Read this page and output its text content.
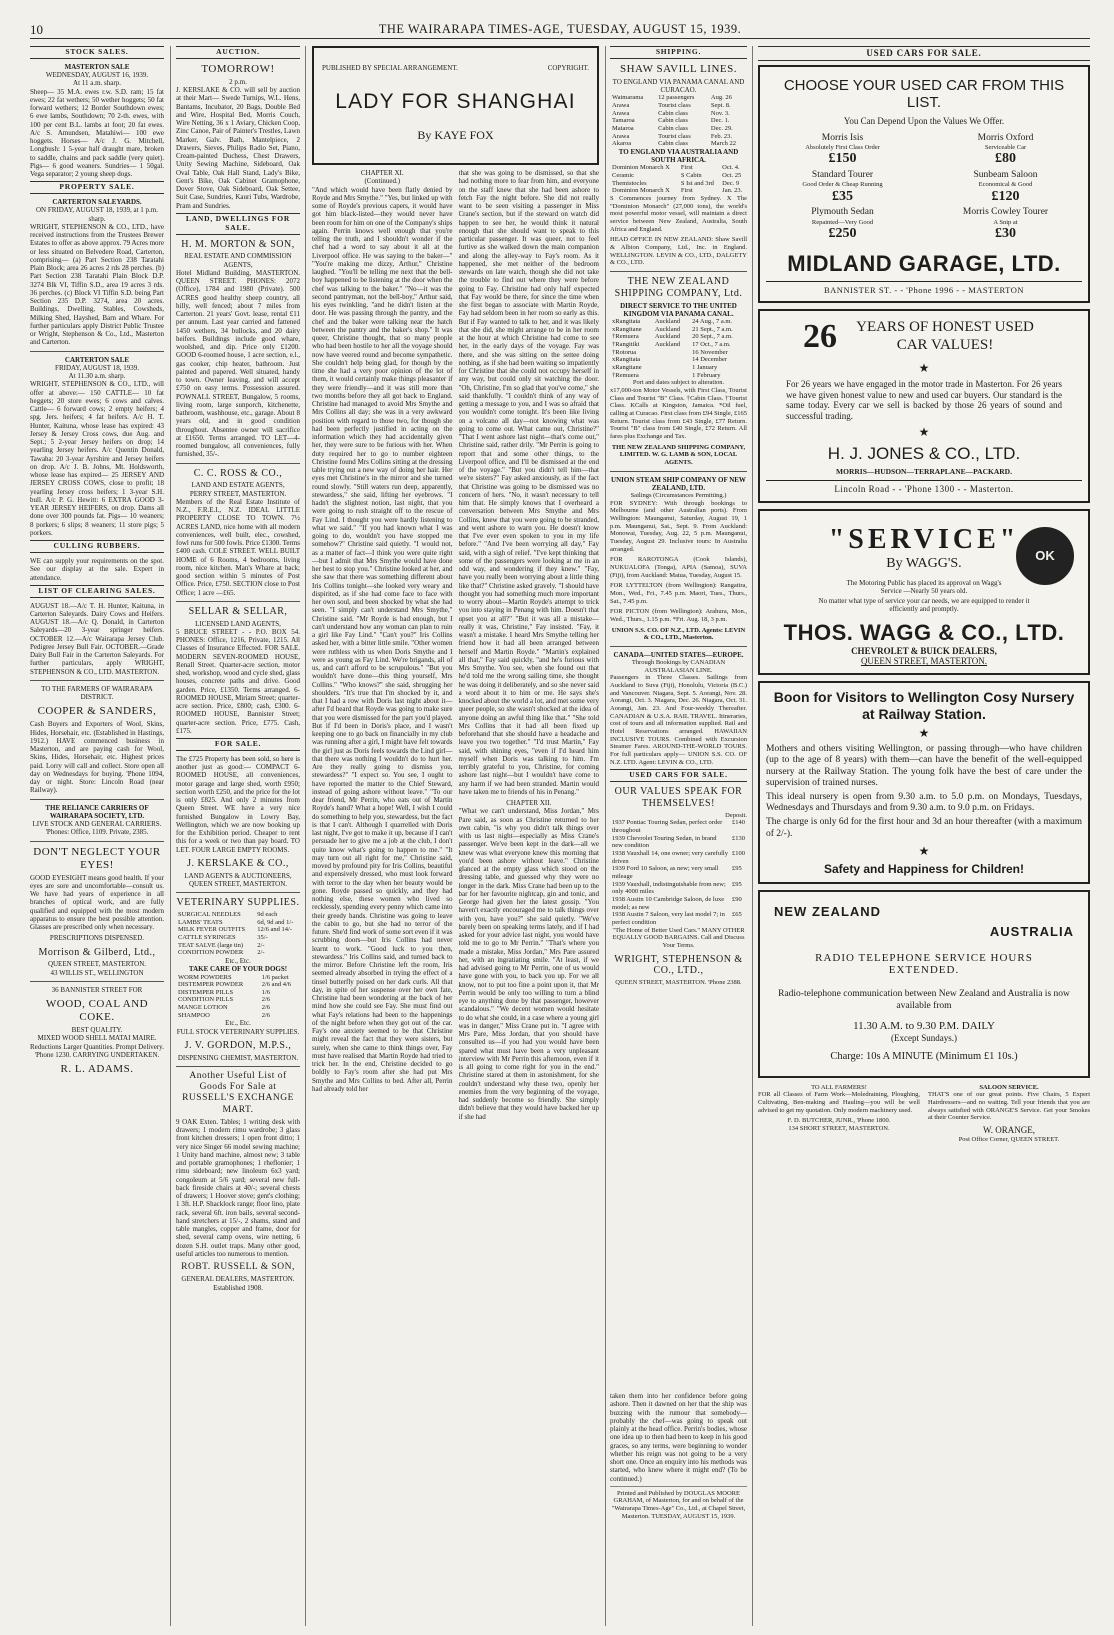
10	THE WAIRARAPA TIMES-AGE, TUESDAY, AUGUST 15, 1939.
STOCK SALES.
MASTERTON SALE
WEDNESDAY, AUGUST 16, 1939.
At 11 a.m. sharp.

Sheep— 35 M.A. ewes r.w. S.D. ram; 15 fat ewes; 22 fat wethers; 50 wether hoggets; 50 fat forward wethers; 12 Border Southdown ewes; 6 ewe lambs, Southdown; 70 2-th. ewes, with 100 per cent B.L. lambs at foot; 20 fat ewes. A/c S. Amundsen, Matahiwi— 100 ewe hoggets. Horses— A/c J. G. Mitchell, Longbush: 1 5-year half draught mare, broken to saddle, chains and pack saddle (very quiet). Pigs— 6 good weaners. Sundries— 1 50gal. Vega separator; 2 young sheep dogs.

PROPERTY SALE.
CARTERTON SALEYARDS.
ON FRIDAY, AUGUST 18, 1939, at 1 p.m. sharp.

WRIGHT, STEPHENSON & CO., LTD., have received instructions from the Trustees Brewer Estates to offer as above approx. 79 Acres more or less situated on Belvedere Road, Carterton, comprising— (a) Part Section 238 Taratahi Plain Block; area 26 acres 2 rds 28 perches. (b) Part Section 238 Taratahi Plain Block D.P. 3274 Blk VI, Tiffin S.D., area 19 acres 3 rds. 36 perches. (c) Block VI Tiffin S.D. being Part Section 235 D.P. 3274, area 20 acres. Buildings, Dwelling, Stables, Cowsheds, Milking Shed, Hayshed, Barn and Whare. For further particulars apply District Public Trustee or Wright, Stephenson & Co., Ltd., Masterton and Carterton.

CARTERTON SALE
FRIDAY, AUGUST 18, 1939.
At 11.30 a.m. sharp.

WRIGHT, STEPHENSON & CO., LTD., will offer at above:— 150 CATTLE— 10 fat heggets; 20 store ewes; 6 cows and calves. Cattle— 6 forward cows; 2 empty heifers; 4 spg. Jers. heifers; 4 fat heifers. A/c H. T. Hunter, Kaituna, whose lease has expired: 43 Jersey & Jersey Cross cows, due Aug. and Sept.; 5 2-year Jersey heifers on drop; 14 yearling Jersey heifers. A/c Quentin Donald, Tawaha: 20 3-year Ayrshire and Jersey heifers on drop. A/c J. B. Johns, Mt. Holdsworth, whose lease has expired— 25 JERSEY AND JERSEY CROSS COWS, close to profit; 18 yearling Jersey cross heifers; 1 3-year S.H. bull. A/c P. G. Hewitt: 6 EXTRA GOOD 3-YEAR JERSEY HEIFERS, on drop. Dams all done over 300 pounds fat. Pigs— 10 weaners; 8 porkers; 6 slips; 8 weaners; 11 store pigs; 5 porkers.

CULLING RUBBERS.

WE can supply your requirements on the spot. See our display at the sale. Expert in attendance.

LIST OF CLEARING SALES.

AUGUST 18.—A/c T. H. Hunter, Kaituna, in Carterton Saleyards. Dairy Cows and Heifers. AUGUST 18.—A/c Q. Donald, in Carterton Saleyards—20 3-year springer heifers. OCTOBER 12.—A/c Wairarapa Jersey Club. Pedigree Jersey Bull Fair. OCTOBER.—Grade Dairy Bull Fair in the Carterton Saleyards. For further particulars, apply WRIGHT, STEPHENSON & CO., LTD. MASTERTON.

TO THE FARMERS OF WAIRARAPA DISTRICT.
COOPER & SANDERS,

Cash Buyers and Exporters of Wool, Skins, Hides, Horsehair, etc. (Established in Hastings, 1912.) HAVE commenced business in Masterton, and are paying cash for Wool, Skins, Hides, Horsehair, etc. Highest prices paid. Lorry will call and collect. Store open all day on Wednesdays for buying. 'Phone 1094, day or night. Store: Lincoln Road (near Railway).

THE RELIANCE CARRIERS OF WAIRARAPA SOCIETY, LTD.
LIVE STOCK AND GENERAL CARRIERS. 'Phones: Office, 1109. Private, 2385.
DON'T NEGLECT YOUR EYES!

GOOD EYESIGHT means good health. If your eyes are sore and uncomfortable—consult us. We have had years of experience in all branches of optical work, and are fully qualified and equipped with the most modern apparatus to ensure the best possible attention. Glasses are prescribed only when necessary.

PRESCRIPTIONS DISPENSED.
Morrison & Gilberd, Ltd.,
QUEEN STREET, MASTERTON.
43 WILLIS ST., WELLINGTON
36 BANNISTER STREET FOR
WOOD, COAL AND COKE.
BEST QUALITY.
MIXED WOOD SHELL MATAI MAIRE. Reductions Larger Quantities. Prompt Delivery. 'Phone 1230. CARRYING UNDERTAKEN.
R. L. ADAMS.
AUCTION.
TOMORROW!
2 p.m.

J. KERSLAKE & CO. will sell by auction at their Mart— Swede Turnips, W.L. Hens, Bantams, Incubator, 20 Bags, Double Bed and Wire, Hospital Bed, Morris Couch, Wire Netting, 36 x 1 Aviary, Chicken Coop, Zinc Canoe, Pair of Painter's Trestles, Lawn Marker, Galv. Bath, Mantelpiece, 2 Drawers, Sieves, Philips Radio Set, Piano, Cream-painted Duchess, Chest Drawers, Unity Sewing Machine, Sideboard, Oak Oval Table, Oak Hall Stand, Lady's Bike, Gent's Bike, Oak Cabinet Gramophone, Dover Stove, Oak Sideboard, Oak Settee, Suit Case, Sundries, Kauri Tubs, Wardrobe, Pram and Sundries.

LAND, DWELLINGS FOR SALE.
H. M. MORTON & SON,
REAL ESTATE AND COMMISSION AGENTS,

Hotel Midland Building, MASTERTON. QUEEN STREET. PHONES: 2072 (Office), 1784 and 1980 (Private). 500 ACRES good healthy sheep country, all hilly, well fenced; about 7 miles from Carterton. 21 years' Govt. lease, rental £11 per annum. Last year carried and fattened 1450 wethers, 34 bullocks, and 20 dairy heifers. Buildings include good whare, woolshed, and dip. Price only £1200. GOOD 6-roomed house, 1 acre section, e.l., gas cooker, chip heater, bathroom. Just painted and papered. Well situated, handy to town. Owner leaving, and will accept £750 on easy terms. Possession assured. POWNALL STREET, Bungalow, 5 rooms, living room, large sunporch, kitchenette, bathroom, washhouse, etc., garage. About 8 years old, and in good condition throughout. Absentee owner will sacrifice at £1650. Terms arranged. TO LET—4-roomed bungalow, all conveniences, fully furnished, 35/-.

C. C. ROSS & CO.,
LAND AND ESTATE AGENTS,
PERRY STREET, MASTERTON.

Members of the Real Estate Institute of N.Z., F.R.E.I., N.Z. IDEAL LITTLE PROPERTY CLOSE TO TOWN. 7½ ACRES LAND, nice home with all modern conveniences, well built, elec., cowshed, fowl runs for 500 fowls. Price £1300. Terms £400 cash. COLE STREET. WELL BUILT HOME of 6 Rooms, 4 bedrooms, living room, nice kitchen. Man's Whare at back; good section within 5 minutes of Post Office. Price, £750. SECTION close to Post Office; 1 acre —£65.

SELLAR & SELLAR,
LICENSED LAND AGENTS,

5 BRUCE STREET - - P.O. BOX 54. PHONES: Office, 1216, Private, 1215. All Classes of Insurance Effected. FOR SALE. MODERN SEVEN-ROOMED HOUSE, Renall Street. Quarter-acre section, motor shed, workshop, wood and cycle shed, glass houses, concrete paths and drive. Good garden. Price, £1350. Terms arranged. 6-ROOMED HOUSE, Miriam Street; quarter-acre section. Price, £800; cash, £300. 6-ROOMED HOUSE, Bannister Street; quarter-acre section. Price, £775. Cash, £175.

FOR SALE.

The £725 Property has been sold, so here is another just as good:— COMPACT 6-ROOMED HOUSE, all conveniences, motor garage and large shed, worth £950; section worth £250, and the price for the lot is only £825. And only 2 minutes from Queen Street. WE have a very nice furnished Bungalow in Lowry Bay, Wellington, which we are now booking up for the Exhibition period. Cheaper to rent this for a week or two than pay board. TO LET. FOUR LARGE EMPTY ROOMS.

J. KERSLAKE & CO.,
LAND AGENTS & AUCTIONEERS, QUEEN STREET, MASTERTON.
VETERINARY SUPPLIES.
SURGICAL NEEDLES	9d each
LAMBS' TEATS	6d, 9d and 1/-
MILK FEVER OUTFITS	12/6 and 14/-
CATTLE SYRINGES	35/-
TEAT SALVE (large tin)	2/-
CONDITION POWDER	2/-
Etc., Etc.
TAKE CARE OF YOUR DOGS!
WORM POWDERS	1/6 packet
DISTEMPER POWDER	2/6 and 4/6
DISTEMPER PILLS	1/6
CONDITION PILLS	2/6
MANGE LOTION	2/6
SHAMPOO	2/6
Etc., Etc.
FULL STOCK VETERINARY SUPPLIES.
J. V. GORDON, M.P.S.,
DISPENSING CHEMIST, MASTERTON.
Another Useful List of Goods For Sale at RUSSELL'S EXCHANGE MART.

9 OAK Exten. Tables; 1 writing desk with drawers; 1 modern rimu wardrobe; 3 glass front kitchen dressers; 1 open front ditto; 1 very nice Singer 66 model sewing machine; 1 Unity hand machine, almost new; 3 table and portable gramophones; 1 rheflonier; 1 rimu sideboard; new linoleum 6x3 yard; congoleum at 5/6 yard; several new full-back fireside chairs at 40/-; several chests of drawers; 1 Hoover stove; gent's clothing; 1 3ft. H.P. Shacklock range; floor lino, plate rack, several 6ft. iron bails, several second-hand stretchers at 15/-, 2 shams, stand and table mangles, copper and frame, door for shed, several camp ovens, wire netting, 6 dozen S.H. outlet traps. Many other good, useful articles too numerous to mention.

ROBT. RUSSELL & SON,
GENERAL DEALERS, MASTERTON. Established 1908.
PUBLISHED BY SPECIAL ARRANGEMENT.	COPYRIGHT.
LADY FOR SHANGHAI
By KAYE FOX
CHAPTER XI.
(Continued.)

"And which would have been flatly denied by Royde and Mrs Smythe." "Yes, but linked up with some of Royde's previous capers, it would have got him black-listed—they would never have been room for him on one of the Company's ships again. Perrin knows well enough that you're telling the truth, and I shouldn't wonder if the chef had a word to say about it all at the Liverpool office. He was saying to the baker—" "You're making me dizzy, Arthur," Christine laughed. "You'll be telling me next that the bell-boy happened to be listening at the door when the chef was talking to the baker." "No—it was the second pantryman, not the bell-boy," Arthur said, his eyes twinkling, "and he didn't listen at the door. He was passing through the pantry, and the chef and the baker were talking near the hatch between the pantry and the baker's shop." It was queer, Christine thought, that so many people who had been hostile to her all the voyage should now have veered round and become sympathetic. She couldn't help being glad, for though by the time she had a very poor opinion of the lot of them, it would certainly make things pleasanter if they were friendly—and it was still more than two months before they all got back to England. Christine had managed to avoid Mrs Smythe and Mrs Collins all day; she was in a very awkward position with regard to those two, for though she had been perfectly justified in acting on the information which they had accidentally given her, they were sure to be furious with her. When duty required her to go to number eighteen Christine found Mrs Collins sitting at the dressing table trying out a new way of doing her hair. Her eyes met Christine's in the mirror and she turned round slowly. "Still waters run deep, apparently, stewardess," she said, lifting her eyebrows. "I hadn't the slightest notion, last night, that you were going to rush straight off to the rescue of Fay Lind. I thought you were hardly listening to what we said." "If you had known what I was going to do, wouldn't you have stopped me somehow?" Christine said quietly. "I would not, as a matter of fact—I think you were quite right—but I admit that Mrs Smythe would have done her best to stop you." Christine looked at her, and she saw that there was something different about Iris Collins tonight—she looked very weary and dispirited, as if she had come face to face with her own soul, and been shocked by what she had seen. "I simply can't understand Mrs Smythe," Christine said. "Mr Royde is bad enough, but I can't understand how any woman can plan to ruin a girl like Fay Lind." "Can't you?" Iris Collins asked her, with a bitter little smile. "Other women were ruthless with us when Doris Smythe and I were as young as Fay Lind. We're brigands, all of us, and can't afford to be scrupulous." "But you wouldn't have done—this thing yourself, Mrs Collins." "Who knows?" she said, shrugging her shoulders. "It's true that I'm shocked by it, and that I had a row with Doris last night about it—after I'd heard that Royde was going to make sure that you were dismissed for the part you'd played. But if I'd been in Doris's place, and I wasn't keeping one to go back on financially in my club was running after a girl, I might have felt towards the girl just as Doris feels towards the Lind girl—that there was nothing I wouldn't do to hurt her. Are they really going to dismiss you, stewardess?" "I expect so. You see, I ought to have reported the matter to the Chief Steward, instead of going ashore without leave." "To our dear friend, Mr Perrin, who eats out of Martin Royde's hand? What a hope! Well, I wish I could do something to help you, stewardess, but the fact is that I can't. Although I quarrelled with Doris last night, I've got to make it up, because if I can't persuade her to give me a job at the club, I don't quite know what's going to happen to me." "It may turn out all right for me," Christine said, moved by profound pity for Iris Collins, beautiful and expensively dressed, who must look forward with terror to the day when her beauty would be gone. Royde passed so quickly, and they had nothing else, these women who lived so recklessly, spending every penny which came into their greedy hands. Christine was going to leave the cabin to go, but she had no terror of the future. She'd find work of some sort even if it was scrubbing doors—but Iris Collins had never learnt to work. "Good luck to you then, stewardess." Iris Collins said, and turned back to the mirror. Before Christine left the room, Iris seemed already absorbed in trying the effect of a tinsel butterfly poised on her dark curls. All that day, in spite of her suspense over her own fate, Christine had been wondering at the back of her mind how she could see Fay. She must find out what Fay's relations had been to the happenings of the night before when they got out of the car. Fay's one anxiety seemed to be that Christine might reveal the fact that they were sisters, but surely, when she came to think things over, Fay must have realised that Martin Royde had tried to trick her. In the end, Christine decided to go boldly to Fay's room after she had put Mrs Smythe and Mrs Collins to bed. After all, Perrin had already told her

that she was going to be dismissed, so that she had nothing more to fear from him, and everyone on the staff knew that she had been ashore to fetch Fay the night before. She did not really want to be seen visiting a passenger in Miss Crane's section, but if the steward on watch did happen to see her, he would think it natural enough that she should want to speak to this particular passenger. It was queer, not to feel furtive as she walked down the main companion and along the alley-way to Fay's room. As it happened, she met neither of the bedroom stewards on late watch, though she did not take the trouble to find out where they were before going to Fay. Christine had only half expected that Fay would be there, for since the time when she first began to associate with Martin Royde, Fay had seldom been in her room so early as this. But if Fay wanted to talk to her, and it was likely that she did, she might arrange to be in her room at the hour at which Christine had come to see her, in the early days of the voyage. Fay was there, and she was sitting on the settee doing nothing, as if she had been waiting so impatiently for Christine that she could not occupy herself in any way, but could only sit watching the door. "Oh, Christine, I'm so glad that you've come," she said thankfully. "I couldn't think of any way of getting a message to you, and I was so afraid that you wouldn't come tonight. It's been like living on a volcano all day—not knowing what was going to come out. What came out, Christine?" "That I went ashore last night—that's come out," Christine said, rather drily. "Mr Perrin is going to report that and some other things, to the Liverpool office, and I'll be dismissed at the end of the voyage." "But you didn't tell him—that we're sisters?" Fay asked anxiously, as if the fact that Christine was going to be dismissed was no concern of hers. "No, it wasn't necessary to tell him that. He simply knows that I overheard a conversation between Mrs Smythe and Mrs Collins, knew that you were going to be stranded, and went ashore to warn you. He doesn't know that I've ever even spoken to you in my life before." "And I've been worrying all day," Fay said, with a sigh of relief. "I've kept thinking that some of the passengers were looking at me in an odd way, and wondering if they knew." "Fay, have you really been worrying about a little thing like that?" Christine asked gravely. "I should have thought you had something much more important to worry about—Martin Royde's attempt to trick you into staying in Penang with him. Doesn't that upset you at all?" "But it was all a mistake—really it was, Christine," Fay insisted. "Fay, it wasn't a mistake. I heard Mrs Smythe telling her friend how it had all been arranged between herself and Martin Royde." "Martin's explained all that," Fay said quickly, "and he's furious with Mrs Smythe. You see, when she found out that he'd told me the wrong sailing time, she thought he was doing it deliberately, and so she never said a word about it to him or me. He says she's knocked about the world a lot, and met some very queer people, so she wasn't shocked at the idea of anyone doing an awful thing like that." "She told Mrs Collins that it had all been fixed up beforehand that she should have a headache and leave you two together." "I'd trust Martin," Fay said, with shining eyes, "even if I'd heard him myself when Doris was talking to him. I'm terribly grateful to you, Christine, for coming ashore last night—but I wouldn't have come to any harm if we had been stranded. Martin would have taken me to friends of his in Penang."

CHAPTER XII.

"What we can't understand, Miss Jordan," Mrs Pare said, as soon as Christine returned to her own cabin, "is why you didn't talk things over with us last night—especially as Miss Crane's passenger. We've been kept in the dark—all we knew was what everyone knew this morning that you'd been ashore without leave." Christine glanced at the empty glass which stood on the dressing table, and guessed why they were no longer in the dark. Miss Crane had been up to the bar for her favourite nightcap, gin and tonic, and George had given her the latest gossip. "You haven't exactly encouraged me to talk things over with you, have you?" she said quietly. "We've barely been on speaking terms lately, and if I had asked for your advice last night, you would have told me to go to Mr Perrin." "That's where you made a mistake, Miss Jordan," Mrs Pare assured her, with an ingratiating smile. "At least, if we had advised going to Mr Perrin, one of us would have gone with you, to back you up. For we all know, not to put too fine a point upon it, that Mr Perrin would be only too willing to turn a blind eye to anything done by that passenger, however scandalous." "We decent women would hesitate to do what she could, in a case where a young girl was in danger," Miss Crane put in. "I agree with Mrs Pare, Miss Jordan, that you should have consulted us—if you had you would have been spared what must have been a very unpleasant interview with Mr Perrin this afternoon, even if it is all going to come right for you in the end." Christine stared at them in astonishment, for she couldn't understand why these two, openly her enemies from the very beginning of the voyage, had suddenly become so friendly. She simply didn't believe that they would have backed her up if she had

SHIPPING.
SHAW SAVILL LINES.
TO ENGLAND VIA PANAMA CANAL AND CURACAO.
Waimarama	12 passengers	Aug. 26
Arawa	Tourist class	Sept. 8.
Arawa	Cabin class	Nov. 3.
Tamaroa	Cabin class	Dec. 1.
Mataroa	Cabin class	Dec. 29.
Arawa	Tourist class	Feb. 23.
Akaroa	Cabin class	March 22
TO ENGLAND VIA AUSTRALIA AND SOUTH AFRICA.
Dominion Monarch X	First	Oct. 4.
Ceramic	S Cabin	Oct. 25
Themistocles	S Ist and 3rd	Dec. 9
Dominion Monarch X	First	Jan. 23.

S Commences journey from Sydney. X The "Dominion Monarch" (27,000 tons), the world's most powerful motor vessel, will maintain a direct service between New Zealand, Australia, South Africa and England.

HEAD OFFICE IN NEW ZEALAND: Shaw Savill & Albion Company, Ltd., Inc. in England. WELLINGTON. LEVIN & CO., LTD., DALGETY & CO., LTD.

THE NEW ZEALAND SHIPPING COMPANY, Ltd.
DIRECT SERVICE TO THE UNITED KINGDOM VIA PANAMA CANAL.
xRangitata	Auckland	24 Aug., 7 a.m.
xRangitane	Auckland	21 Sept., 7 a.m.
†Remuera	Auckland	20 Sept., 7 a.m.
†Rangitiki	Auckland	17 Oct., 7 a.m.
†Rotorua		16 November
xRangitata		14 December
xRangitane		1 January
†Remuera		1 February
Port and dates subject to alteration.

x17,000-ton Motor Vessels, with First Class, Tourist Class and Tourist "B" Class. †Cabin Class. †Tourist Class. KCalls at Kingston, Jamaica. *Oil fuel, calling at Curacao. First class from £94 Single, £165 Return. Tourist class from £43 Single, £77 Return. Tourist "B" class from £40 Single, £72 Return. All fares plus Exchange and Tax.

THE NEW ZEALAND SHIPPING COMPANY, LIMITED. W. G. LAMB & SON, LOCAL AGENTS.
UNION STEAM SHIP COMPANY OF NEW ZEALAND, LTD.
Sailings (Circumstances Permitting.)

FOR SYDNEY: With through bookings to Melbourne (and other Australian ports). From Wellington: Maunganui, Saturday, August 19, 1 p.m. Maunganui, Sat., Sept. 9. From Auckland: Monowai, Tuesday, Aug. 22, 5 p.m. Maunganui, Tuesday, August 29. Inclusive tours: In Australia arranged.

FOR RAROTONGA (Cook Islands), NUKUALOFA (Tonga), APIA (Samoa), SUVA (Fiji), from Auckland: Matua, Tuesday, August 15.

FOR LYTTELTON (from Wellington): Rangatira, Mon., Wed., Fri., 7.45 p.m. Maori, Tues., Thurs., Sat., 7.45 p.m.

FOR PICTON (from Wellington): Arahura, Mon., Wed., Thurs., 1.15 p.m. *Fri. Aug. 18, 3 p.m.

UNION S.S. CO. OF N.Z., LTD. Agents: LEVIN & CO., LTD., Masterton.
CANADA—UNITED STATES—EUROPE.
Through Bookings by CANADIAN AUSTRALASIAN LINE.

Passengers in Three Classes. Sailings from Auckland to Suva (Fiji), Honolulu, Victoria (B.C.) and Vancouver. Niagara, Sept. 5. Aorangi, Nov. 28. Aorangi, Oct. 3. Niagara, Dec. 26. Niagara, Oct. 31. Aorangi, Jan. 23. And Four-weekly Thereafter. CANADIAN & U.S.A. RAIL TRAVEL. Itineraries, cost of tours and all information supplied. Rail and Hotel Reservations arranged. HAWAIIAN INCLUSIVE TOURS. Combined with Excursion Steamer Fares. AROUND-THE-WORLD TOURS. For full particulars apply— UNION S.S. CO. OF N.Z. LTD. Agent: LEVIN & CO., LTD.

USED CARS FOR SALE.
OUR VALUES SPEAK FOR THEMSELVES!
Deposit.
1937 Pontiac Touring Sedan, perfect order throughout	£140
1939 Chevrolet Touring Sedan, in brand new condition	£130
1938 Vauxhall 14, one owner; very carefully driven	£100
1939 Ford 10 Saloon, as new; very small mileage	£95
1939 Vauxhall, indistinguishable from new; only 4000 miles	£95
1938 Austin 10 Cambridge Saloon, de luxe model; as new	£90
1938 Austin 7 Saloon, very last model 7; in perfect condition	£65
"The Home of Better Used Cars." MANY OTHER EQUALLY GOOD BARGAINS. Call and Discuss Your Terms.
WRIGHT, STEPHENSON & CO., LTD.,
QUEEN STREET, MASTERTON. 'Phone 2388.

taken them into her confidence before going ashore. Then it dawned on her that the ship was buzzing with the rumour that somebody—probably the chef—was going to speak out plainly at the head office. Perrin's bodies, whose one idea up to then had been to keep in his good graces, so any terms, were beginning to wonder whether his reign was not going to be a very short one. Once an enquiry into his methods was started, who knew where it might end? (To be continued.)

Printed and Published by DOUGLAS MOORE GRAHAM, of Masterton, for and on behalf of the "Wairarapa Times-Age" Co., Ltd., at Chapel Street, Masterton. TUESDAY, AUGUST 15, 1939.

USED CARS FOR SALE.
CHOOSE YOUR USED CAR FROM THIS LIST.
You Can Depend Upon the Values We Offer.
Morris Isis
Absolutely First Class Order
£150
Morris Oxford
Serviceable Car
£80
Standard Tourer
Good Order & Cheap Running
£35
Sunbeam Saloon
Economical & Good
£120
Plymouth Sedan
Repainted—Very Good
£250
Morris Cowley Tourer
A Snip at
£30
MIDLAND GARAGE, LTD.
BANNISTER ST. - - 'Phone 1996 - - MASTERTON
26	YEARS OF HONEST USED CAR VALUES!
★

For 26 years we have engaged in the motor trade in Masterton. For 26 years we have given honest value to new and used car buyers. Our standard is the same today. Every car we sell is backed by those 26 years of sound and successful trading.

★
H. J. JONES & CO., LTD.
MORRIS—HUDSON—TERRAPLANE—PACKARD.
Lincoln Road - - 'Phone 1300 - - Masterton.
OK
"SERVICE"
By WAGG'S.
The Motoring Public has placed its approval on Wagg's Service —Nearly 50 years old.
No matter what type of service your car needs, we are equipped to render it efficiently and promptly.
THOS. WAGG & CO., LTD.
CHEVROLET & BUICK DEALERS,
QUEEN STREET, MASTERTON.
Boon for Visitors to Wellington Cosy Nursery at Railway Station.
★

Mothers and others visiting Wellington, or passing through—who have children (up to the age of 8 years) with them—can have the benefit of the well-equipped nursery at the Railway Station. The young folk have the best of care under the supervision of trained nurses.

This ideal nursery is open from 9.30 a.m. to 5.0 p.m. on Mondays, Tuesdays, Wednesdays and Thursdays and from 9.30 a.m. to 9.0 p.m. on Fridays.

The charge is only 6d for the first hour and 3d an hour thereafter (with a maximum of 2/-).

★
Safety and Happiness for Children!
NEW ZEALAND
AUSTRALIA
RADIO TELEPHONE SERVICE HOURS EXTENDED.
Radio-telephone communication between New Zealand and Australia is now available from
11.30 A.M. to 9.30 P.M. DAILY
(Except Sundays.)
Charge: 10s A MINUTE (Minimum £1 10s.)
TO ALL FARMERS!

FOR all Classes of Farm Work—Moledraining, Ploughing, Cultivating, Ben-making and Hauling—you will be well advised to get my quotation. Only modern machinery used.

F. D. BUTCHER, JUNR., 'Phone 1800.
134 SHORT STREET, MASTERTON.
SALOON SERVICE.

THAT'S one of our great points. Five Chairs, 5 Expert Hairdressers—and no waiting. Tell your friends that you are always satisfied with ORANGE'S Service. Get your Smokes at their Counter Service.

W. ORANGE,
Post Office Corner, QUEEN STREET.
